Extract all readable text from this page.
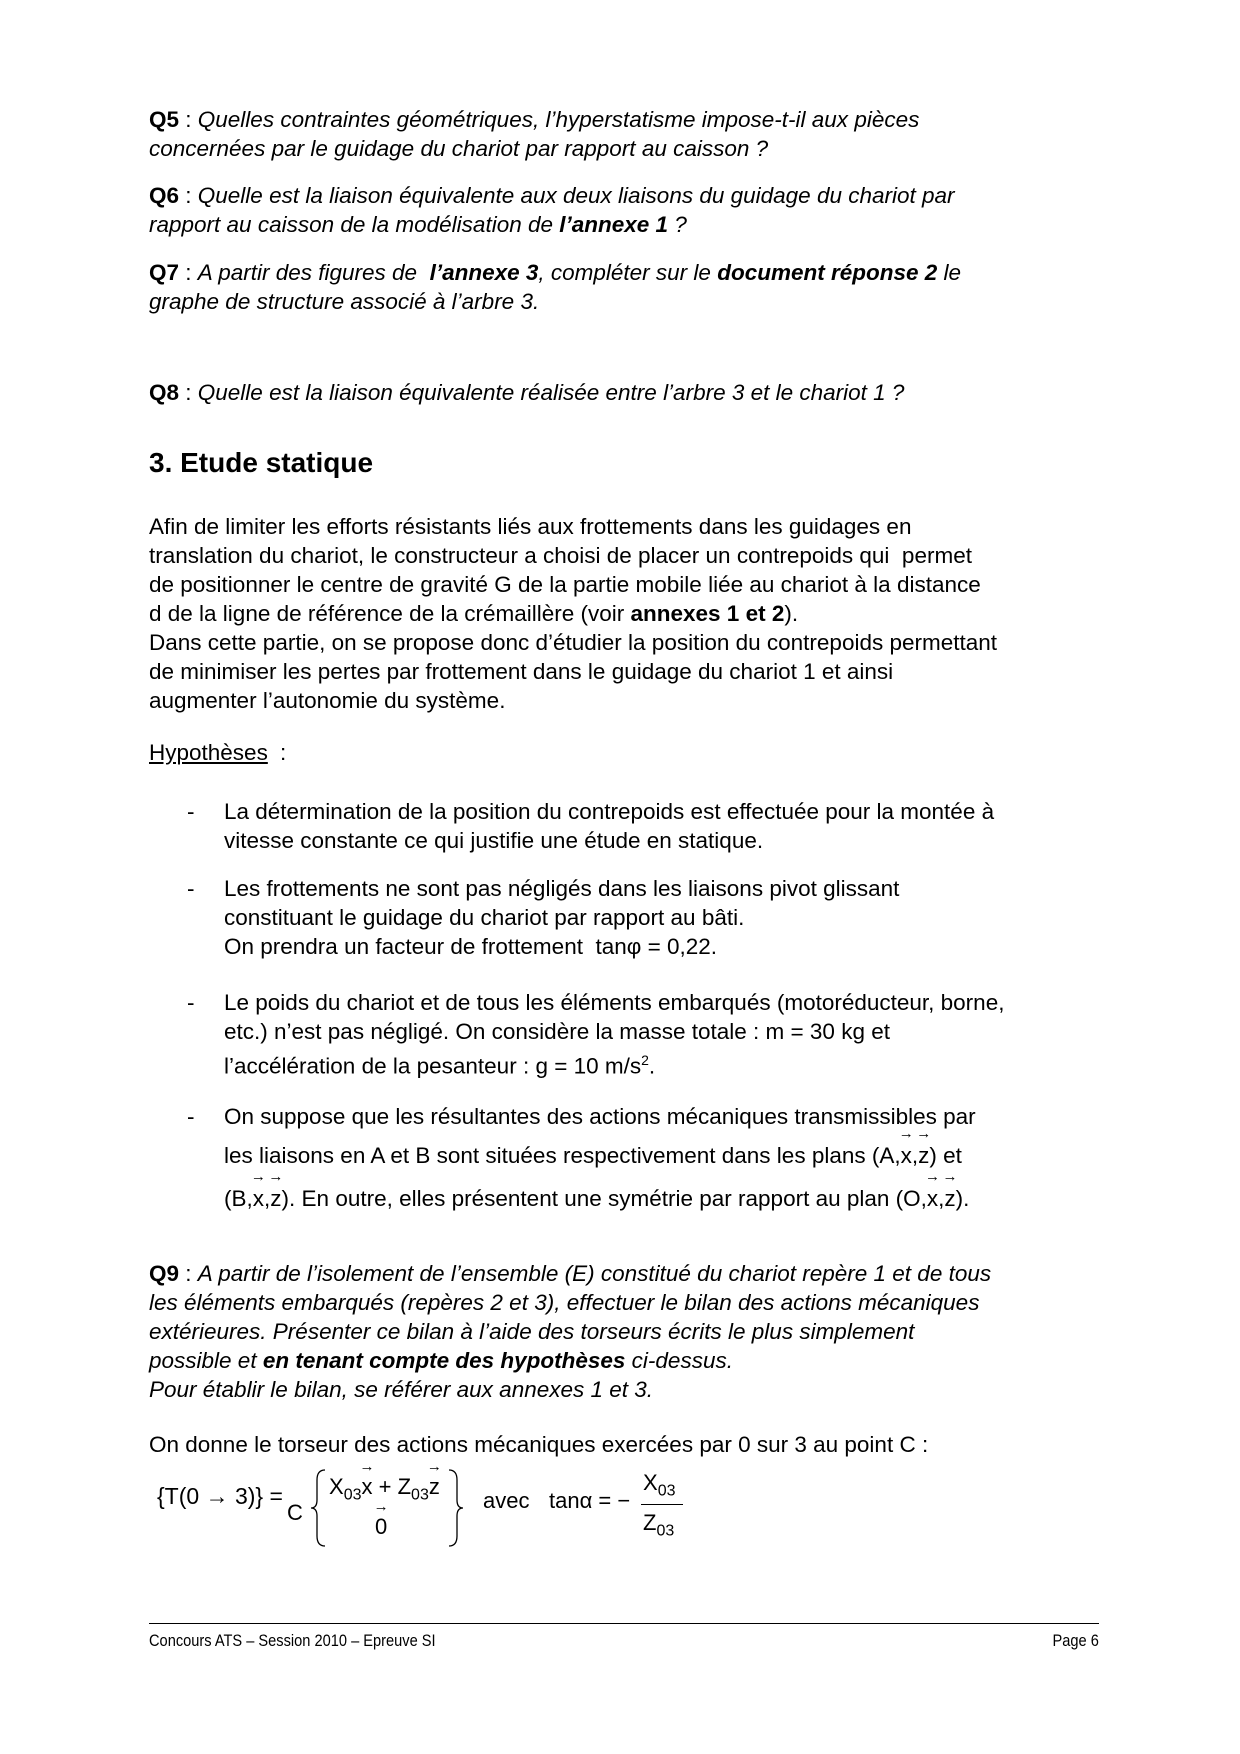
Q5 : Quelles contraintes géométriques, l’hyperstatisme impose-t-il aux pièces
concernées par le guidage du chariot par rapport au caisson ?
Q6 : Quelle est la liaison équivalente aux deux liaisons du guidage du chariot par
rapport au caisson de la modélisation de l’annexe 1 ?
Q7 : A partir des figures de  l’annexe 3, compléter sur le document réponse 2 le
graphe de structure associé à l’arbre 3.
Q8 : Quelle est la liaison équivalente réalisée entre l’arbre 3 et le chariot 1 ?
3. Etude statique
Afin de limiter les efforts résistants liés aux frottements dans les guidages en
translation du chariot, le constructeur a choisi de placer un contrepoids qui  permet
de positionner le centre de gravité G de la partie mobile liée au chariot à la distance
d de la ligne de référence de la crémaillère (voir annexes 1 et 2).
Dans cette partie, on se propose donc d’étudier la position du contrepoids permettant
de minimiser les pertes par frottement dans le guidage du chariot 1 et ainsi
augmenter l’autonomie du système.
Hypothèses :
- La détermination de la position du contrepoids est effectuée pour la montée à
vitesse constante ce qui justifie une étude en statique.
- Les frottements ne sont pas négligés dans les liaisons pivot glissant
constituant le guidage du chariot par rapport au bâti.
On prendra un facteur de frottement  tanφ = 0,22.
- Le poids du chariot et de tous les éléments embarqués (motoréducteur, borne,
etc.) n’est pas négligé. On considère la masse totale : m = 30 kg et
l’accélération de la pesanteur : g = 10 $m/s^2$.
- On suppose que les résultantes des actions mécaniques transmissibles par
les liaisons en A et B sont situées respectivement dans les plans (A,→ x,→ z) et
(B,→ x,→ z). En outre, elles présentent une symétrie par rapport au plan (O,→ x,→ z).
Q9 : A partir de l’isolement de l’ensemble (E) constitué du chariot repère 1 et de tous
les éléments embarqués (repères 2 et 3), effectuer le bilan des actions mécaniques
extérieures. Présenter ce bilan à l’aide des torseurs écrits le plus simplement
possible et en tenant compte des hypothèses ci-dessus.
Pour établir le bilan, se référer aux annexes 1 et 3.
On donne le torseur des actions mécaniques exercées par 0 sur 3 au point C :
{T(0 → 3)} =
C
$X_{03}\to x + Z_{03}\to z$
→ 0
avec tanα = −
$X_{03}$
$Z_{03}$
Concours ATS – Session 2010 – Epreuve SI	Page 6
